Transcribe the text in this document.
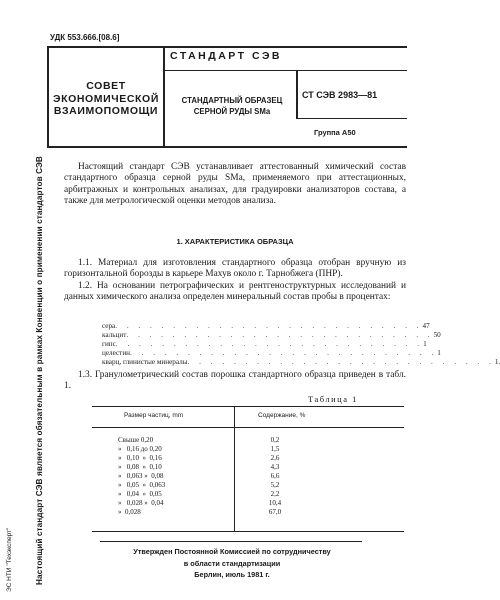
Настоящий стандарт СЭВ является обязательным в рамках Конвенции о применении стандартов СЭВ
ЭС НТИ "Техэксперт"
УДК 553.666.[08.6]
СОВЕТ
ЭКОНОМИЧЕСКОЙ
ВЗАИМОПОМОЩИ
СТАНДАРТ СЭВ
СТ СЭВ 2983—81
СТАНДАРТНЫЙ ОБРАЗЕЦ
СЕРНОЙ РУДЫ SMa
Группа А50
Настоящий стандарт СЭВ устанавливает аттестованный химический состав стандартного образца серной руды SMa, применяемого при аттестационных, арбитражных и контрольных анализах, для градуировки анализаторов состава, а также для метрологической оценки методов анализа.
1. ХАРАКТЕРИСТИКА ОБРАЗЦА
1.1. Материал для изготовления стандартного образца отобран вручную из горизонтальной борозды в карьере Махув около г. Тарнобжега (ПНР).
1.2. На основании петрографических и рентгеноструктурных исследований и данных химического анализа определен минеральный состав пробы в процентах:
сера . . . . . . . . . . . . . . . . . . . . . . . . . . . 47
кальцит . . . . . . . . . . . . . . . . . . . . . . . . . . . 50
гипс . . . . . . . . . . . . . . . . . . . . . . . . . . . 1
целестин . . . . . . . . . . . . . . . . . . . . . . . . . . . 1
кварц, глинистые минералы . . . . . . . . . . . . . . . . . . . . . . . . . . . 1.
1.3. Гранулометрический состав порошка стандартного образца приведен в табл. 1.
Таблица 1
Размер частиц, mm	Содержание, %
Свыше 0,20	0,2
»   0,16 до 0,20	1,5
»   0,10  »  0,16	2,6
»   0,08  »  0,10	4,3
»   0,063 »  0,08	6,6
»   0,05  »  0,063	5,2
»   0,04  »  0,05	2,2
»   0,028 »  0,04	10,4
»  0,028	67,0
Утвержден Постоянной Комиссией по сотрудничеству
в области стандартизации
Берлин, июль 1981 г.
